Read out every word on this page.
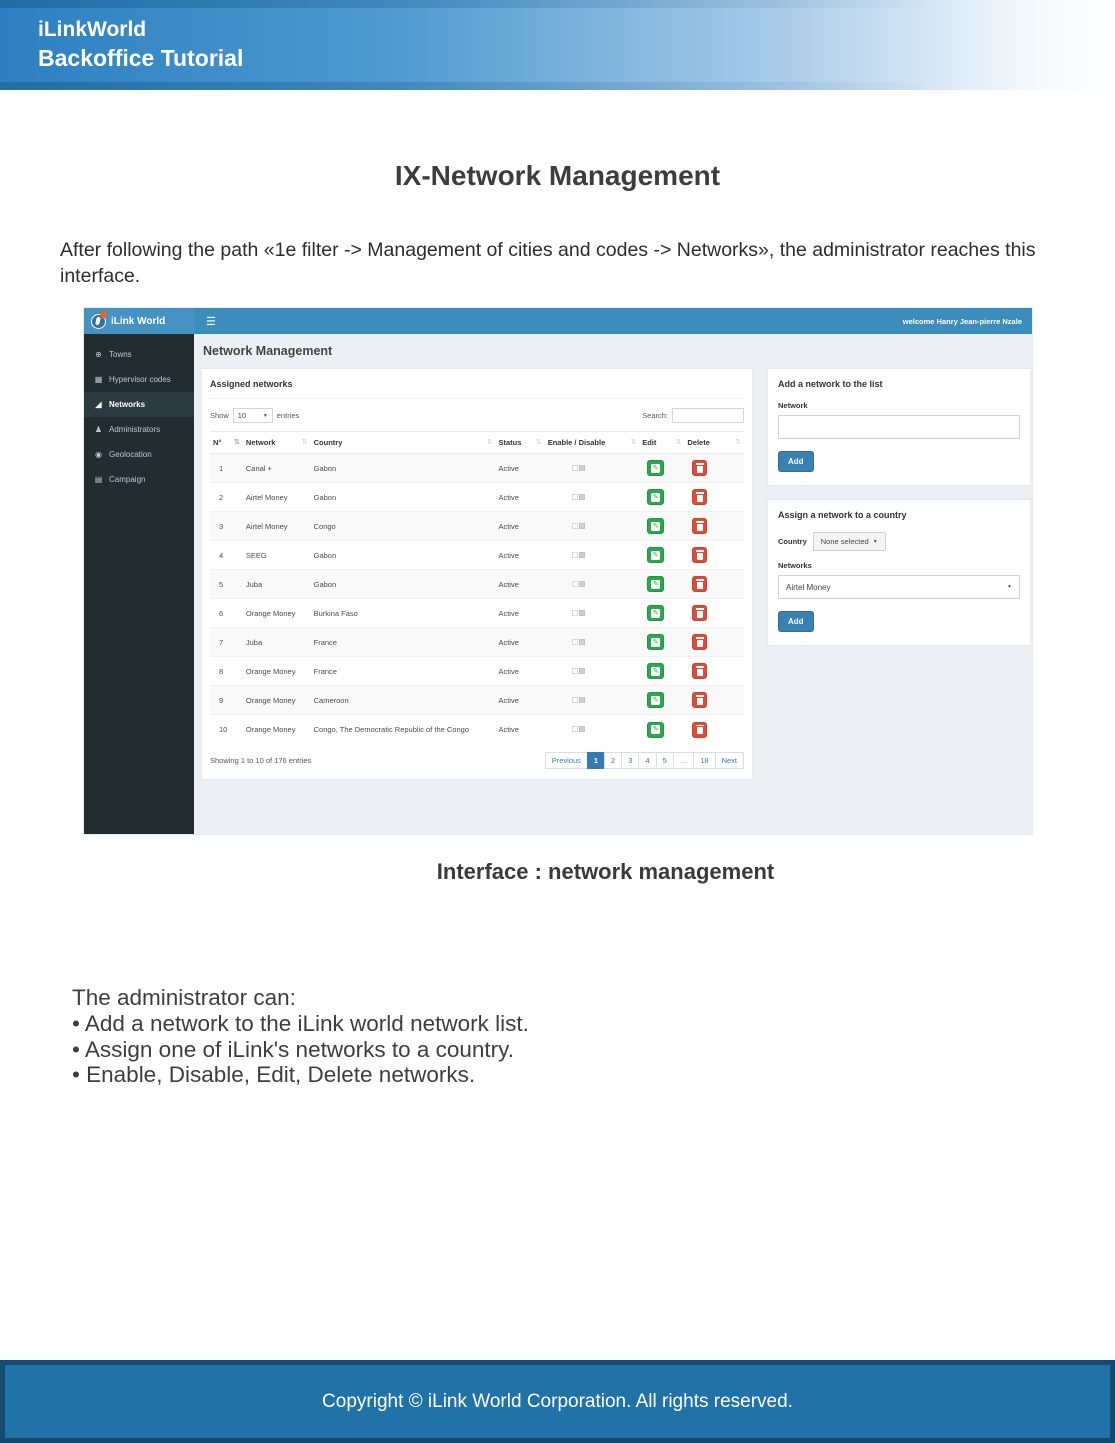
iLinkWorld
Backoffice Tutorial
IX-Network Management

After following the path «1e filter -> Management of cities and codes -> Networks», the administrator reaches this interface.

iLink World	☰	welcome Hanry Jean-pierre Nzale
⊕ Towns
▦ Hypervisor codes
◢ Networks
♟ Administrators
◉ Geolocation
▤ Campaign
Network Management
Assigned networks
Show 10	▼ entries	Search:
N° ⇅	Network ⇅	Country ⇅	Status ⇅	Enable / Disable ⇅	Edit ⇅	Delete ⇅

1	Canal +	Gabon	Active		✎

2	Airtel Money	Gabon	Active		✎

3	Airtel Money	Congo	Active		✎

4	SEEG	Gabon	Active		✎

5	Juba	Gabon	Active		✎

6	Orange Money	Burkina Faso	Active		✎

7	Juba	France	Active		✎

8	Orange Money	France	Active		✎

9	Orange Money	Cameroon	Active		✎

10	Orange Money	Congo, The Democratic Republic of the Congo	Active		✎

Showing 1 to 10 of 176 entries	Previous	1	2	3	4	5	…	18	Next
Add a network to the list
Network
Add
Assign a network to a country
Country None selected ▼
Networks
Airtel Money	▼
Add
Interface : network management
The administrator can:
• Add a network to the iLink world network list.
• Assign one of iLink's networks to a country.
• Enable, Disable, Edit, Delete networks.
Copyright © iLink World Corporation. All rights reserved.
